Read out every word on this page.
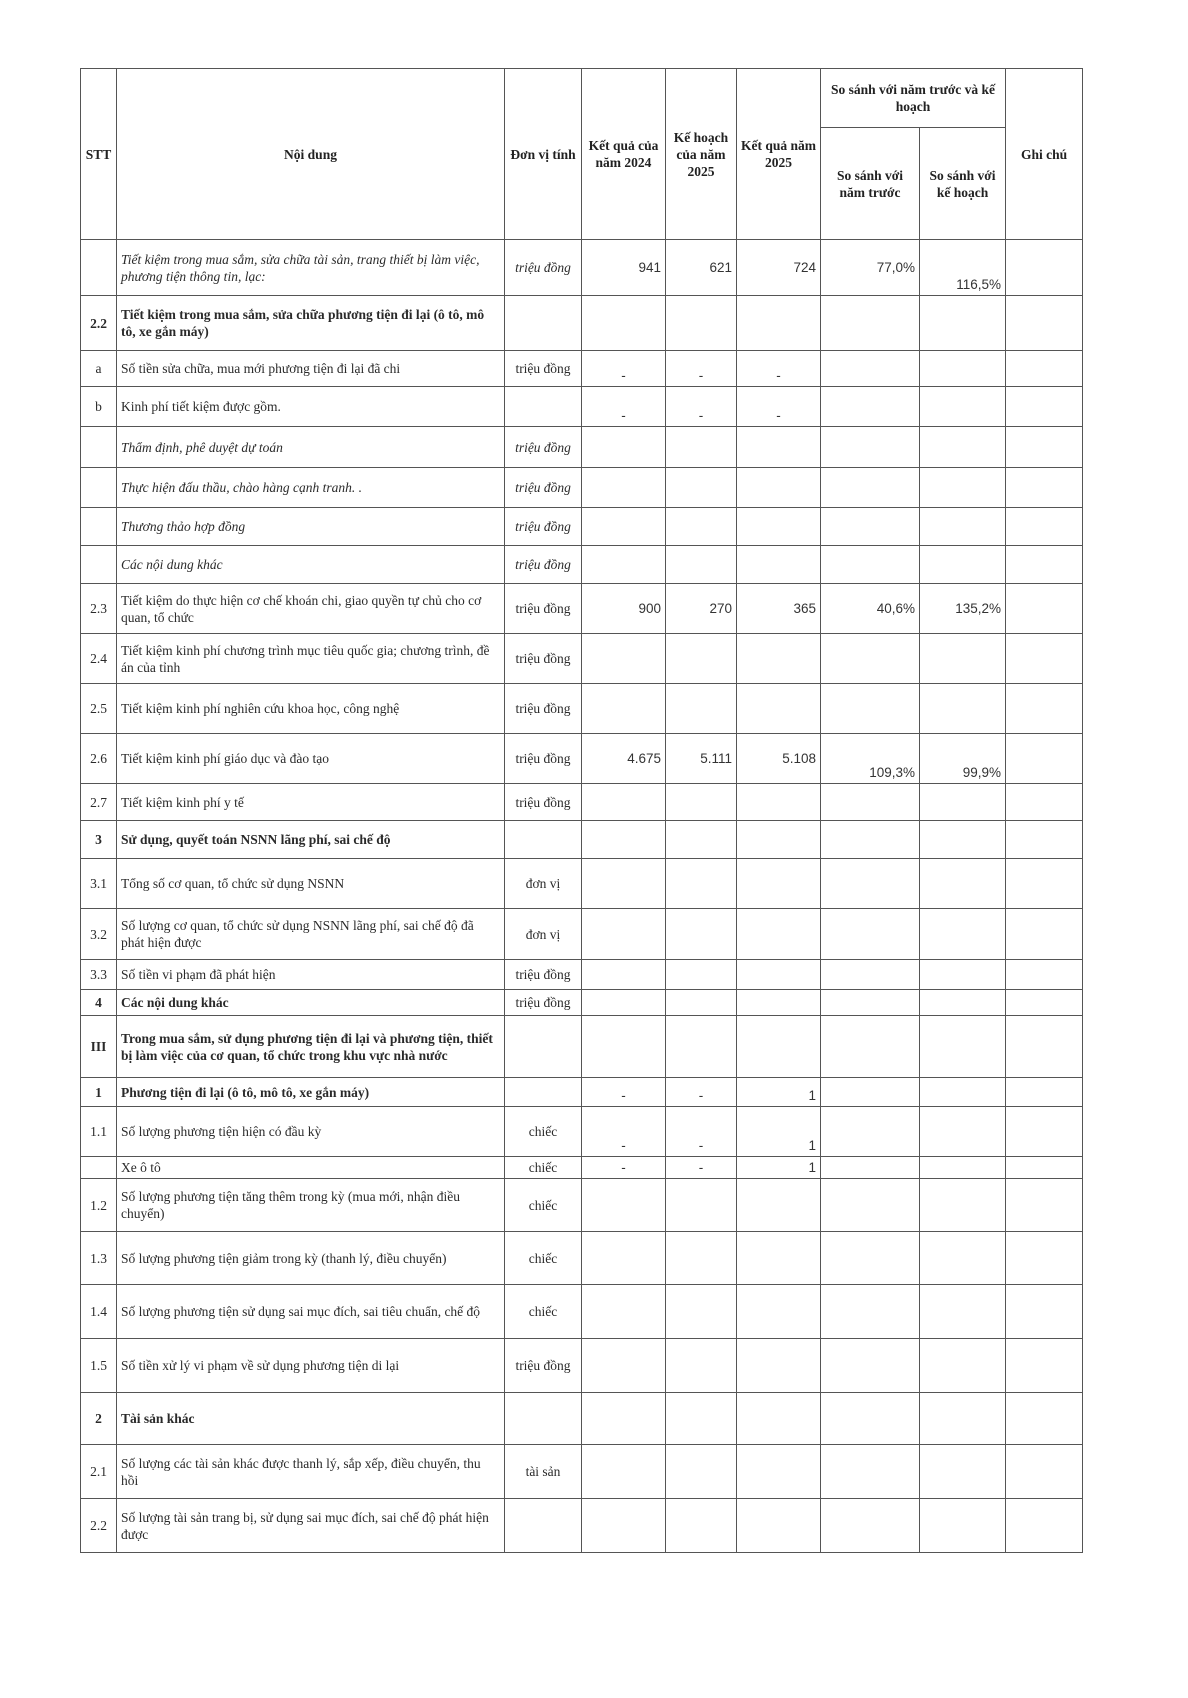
STT	Nội dung	Đơn vị tính	Kết quả của năm 2024	Kế hoạch của năm 2025	Kết quả năm 2025	So sánh với năm trước và kế hoạch		Ghi chú
						So sánh với năm trước	So sánh với kế hoạch	
	Tiết kiệm trong mua sắm, sửa chữa tài sản, trang thiết bị làm việc, phương tiện thông tin, lạc:	triệu đồng	941	621	724	77,0%	116,5%	
2.2	Tiết kiệm trong mua sắm, sửa chữa phương tiện đi lại (ô tô, mô tô, xe gắn máy)							
a	Số tiền sửa chữa, mua mới phương tiện đi lại đã chi	triệu đồng	-	-	-			
b	Kinh phí tiết kiệm được gồm.		-	-	-			
	Thẩm định, phê duyệt dự toán	triệu đồng						
	Thực hiện đấu thầu, chào hàng cạnh tranh. .	triệu đồng						
	Thương thảo hợp đồng	triệu đồng						
	Các nội dung khác	triệu đồng						
2.3	Tiết kiệm do thực hiện cơ chế khoán chi, giao quyền tự chủ cho cơ quan, tổ chức	triệu đồng	900	270	365	40,6%	135,2%	
2.4	Tiết kiệm kinh phí chương trình mục tiêu quốc gia; chương trình, đề án của tỉnh	triệu đồng						
2.5	Tiết kiệm kinh phí nghiên cứu khoa học, công nghệ	triệu đồng						
2.6	Tiết kiệm kinh phí giáo dục và đào tạo	triệu đồng	4.675	5.111	5.108	109,3%	99,9%	
2.7	Tiết kiệm kinh phí y tế	triệu đồng						
3	Sử dụng, quyết toán NSNN lãng phí, sai chế độ							
3.1	Tổng số cơ quan, tổ chức sử dụng NSNN	đơn vị						
3.2	Số lượng cơ quan, tổ chức sử dụng NSNN lãng phí, sai chế độ đã phát hiện được	đơn vị						
3.3	Số tiền vi phạm đã phát hiện	triệu đồng						
4	Các nội dung khác	triệu đồng						
III	Trong mua sắm, sử dụng phương tiện đi lại và phương tiện, thiết bị làm việc của cơ quan, tổ chức trong khu vực nhà nước							
1	Phương tiện đi lại (ô tô, mô tô, xe gắn máy)		-	-	1			
1.1	Số lượng phương tiện hiện có đầu kỳ	chiếc	-	-	1			
	Xe ô tô	chiếc	-	-	1			
1.2	Số lượng phương tiện tăng thêm trong kỳ (mua mới, nhận điều chuyển)	chiếc						
1.3	Số lượng phương tiện giảm trong kỳ (thanh lý, điều chuyển)	chiếc						
1.4	Số lượng phương tiện sử dụng sai mục đích, sai tiêu chuẩn, chế độ	chiếc						
1.5	Số tiền xử lý vi phạm về sử dụng phương tiện di lại	triệu đồng						
2	Tài sản khác							
2.1	Số lượng các tài sản khác được thanh lý, sắp xếp, điều chuyển, thu hồi	tài sản						
2.2	Số lượng tài sản trang bị, sử dụng sai mục đích, sai chế độ phát hiện được							
